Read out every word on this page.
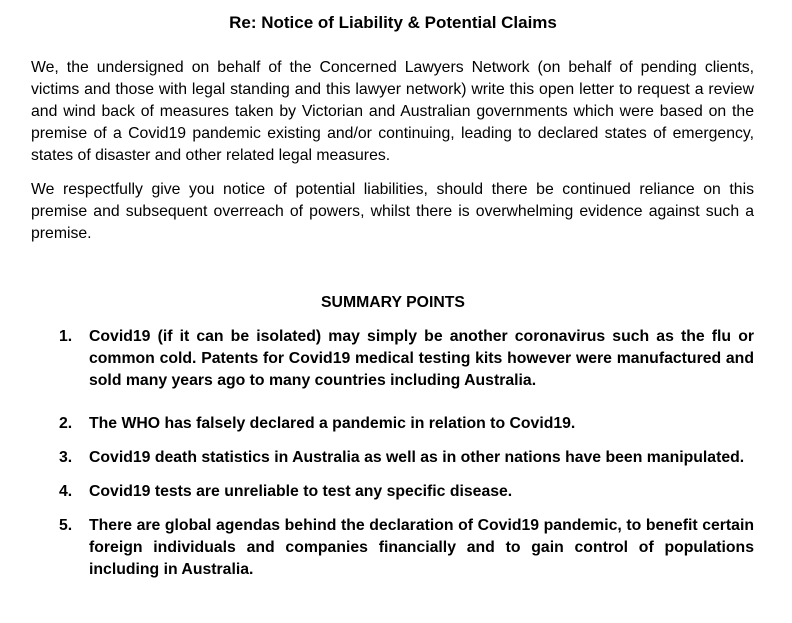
Re: Notice of Liability & Potential Claims

We, the undersigned on behalf of the Concerned Lawyers Network (on behalf of pending clients, victims and those with legal standing and this lawyer network) write this open letter to request a review and wind back of measures taken by Victorian and Australian governments which were based on the premise of a Covid19 pandemic existing and/or continuing, leading to declared states of emergency, states of disaster and other related legal measures.

We respectfully give you notice of potential liabilities, should there be continued reliance on this premise and subsequent overreach of powers, whilst there is overwhelming evidence against such a premise.

SUMMARY POINTS
1. Covid19 (if it can be isolated) may simply be another coronavirus such as the flu or common cold. Patents for Covid19 medical testing kits however were manufactured and sold many years ago to many countries including Australia.
2. The WHO has falsely declared a pandemic in relation to Covid19.
3. Covid19 death statistics in Australia as well as in other nations have been manipulated.
4. Covid19 tests are unreliable to test any specific disease.
5. There are global agendas behind the declaration of Covid19 pandemic, to benefit certain foreign individuals and companies financially and to gain control of populations including in Australia.
